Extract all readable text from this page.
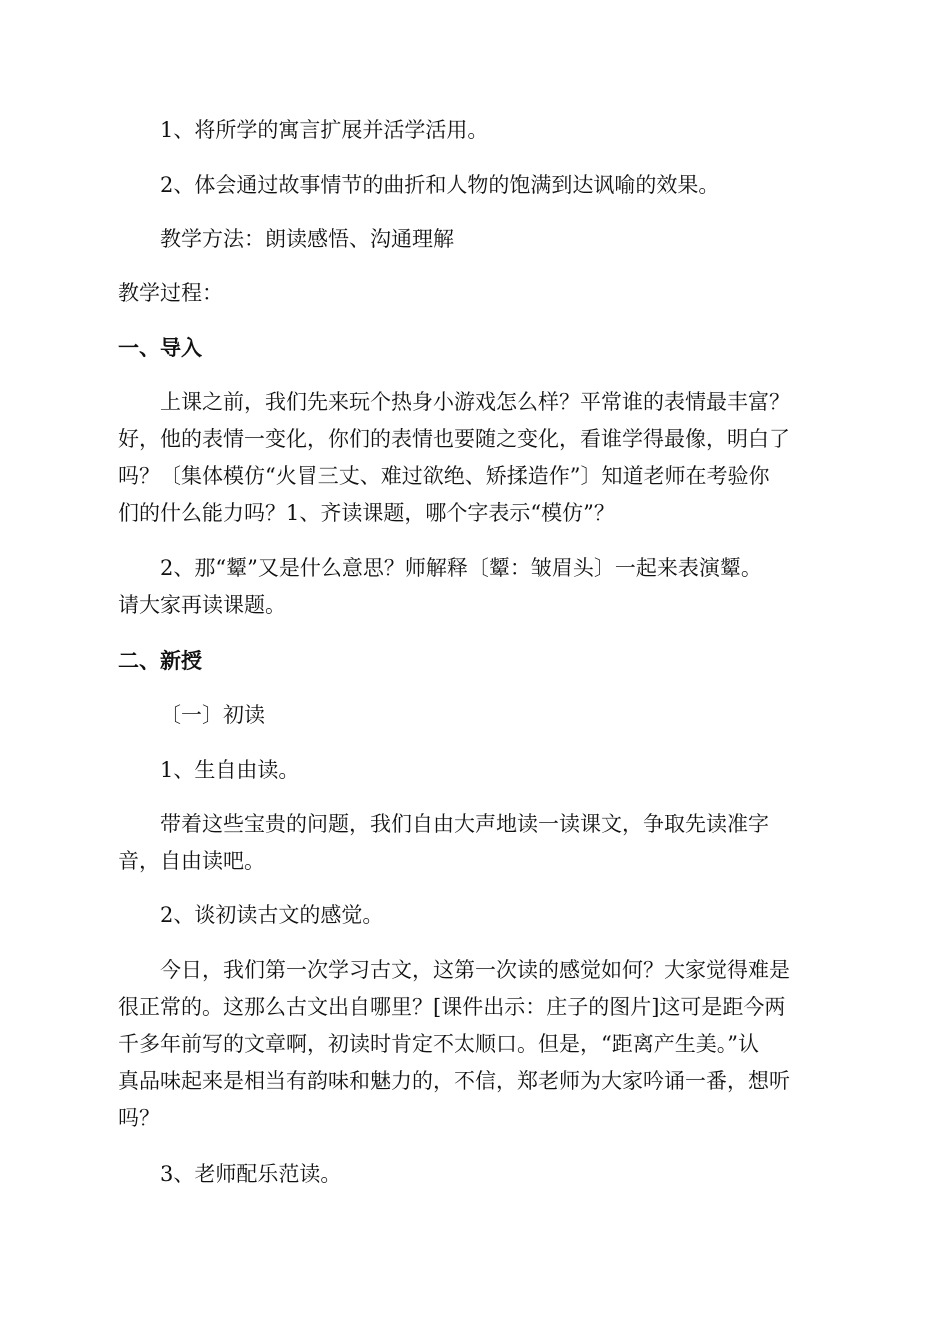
1、将所学的寓言扩展并活学活用。
2、体会通过故事情节的曲折和人物的饱满到达讽喻的效果。
教学方法：朗读感悟、沟通理解
教学过程：
一、导入
上课之前，我们先来玩个热身小游戏怎么样？平常谁的表情最丰富？
好，他的表情一变化，你们的表情也要随之变化，看谁学得最像，明白了
吗？〔集体模仿“火冒三丈、难过欲绝、矫揉造作”〕知道老师在考验你
们的什么能力吗？1、齐读课题，哪个字表示“模仿”？
2、那“颦”又是什么意思？师解释〔颦：皱眉头〕一起来表演颦。
请大家再读课题。
二、新授
〔一〕初读
1、生自由读。
带着这些宝贵的问题，我们自由大声地读一读课文，争取先读准字
音，自由读吧。
2、谈初读古文的感觉。
今日，我们第一次学习古文，这第一次读的感觉如何？大家觉得难是
很正常的。这那么古文出自哪里？[课件出示：庄子的图片]这可是距今两
千多年前写的文章啊，初读时肯定不太顺口。但是，“距离产生美。”认
真品味起来是相当有韵味和魅力的，不信，郑老师为大家吟诵一番，想听
吗？
3、老师配乐范读。
